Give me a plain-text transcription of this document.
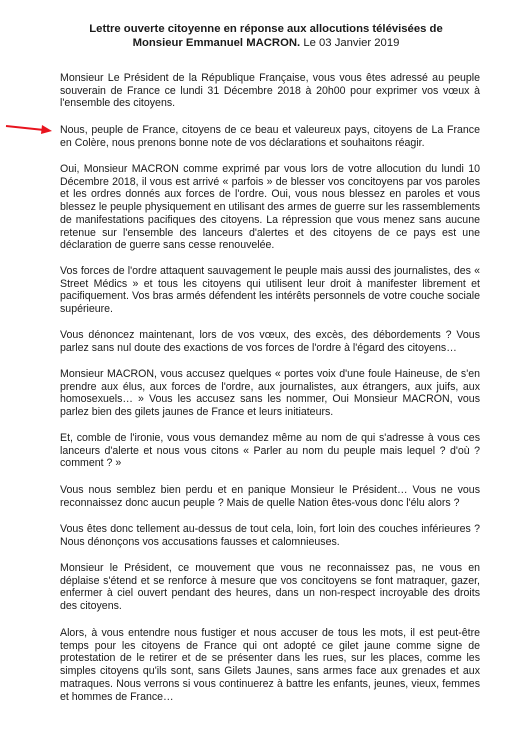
Lettre ouverte citoyenne en réponse aux allocutions télévisées de
Monsieur Emmanuel MACRON. Le 03 Janvier 2019

Monsieur Le Président de la République Française, vous vous êtes adressé au peuple souverain de France ce lundi 31 Décembre 2018 à 20h00 pour exprimer vos vœux à l'ensemble des citoyens.

Nous, peuple de France, citoyens de ce beau et valeureux pays, citoyens de La France en Colère, nous prenons bonne note de vos déclarations et souhaitons réagir.

Oui, Monsieur MACRON comme exprimé par vous lors de votre allocution du lundi 10 Décembre 2018, il vous est arrivé « parfois » de blesser vos concitoyens par vos paroles et les ordres donnés aux forces de l'ordre. Oui, vous nous blessez en paroles et vous blessez le peuple physiquement en utilisant des armes de guerre sur les rassemblements de manifestations pacifiques des citoyens. La répression que vous menez sans aucune retenue sur l'ensemble des lanceurs d'alertes et des citoyens de ce pays est une déclaration de guerre sans cesse renouvelée.

Vos forces de l'ordre attaquent sauvagement le peuple mais aussi des journalistes, des « Street Médics » et tous les citoyens qui utilisent leur droit à manifester librement et pacifiquement. Vos bras armés défendent les intérêts personnels de votre couche sociale supérieure.

Vous dénoncez maintenant, lors de vos vœux, des excès, des débordements ? Vous parlez sans nul doute des exactions de vos forces de l'ordre à l'égard des citoyens…

Monsieur MACRON, vous accusez quelques « portes voix d'une foule Haineuse, de s'en prendre aux élus, aux forces de l'ordre, aux journalistes, aux étrangers, aux juifs, aux homosexuels… » Vous les accusez sans les nommer, Oui Monsieur MACRON, vous parlez bien des gilets jaunes de France et leurs initiateurs.

Et, comble de l'ironie, vous vous demandez même au nom de qui s'adresse à vous ces lanceurs d'alerte et nous vous citons « Parler au nom du peuple mais lequel ? d'où ? comment ? »

Vous nous semblez bien perdu et en panique Monsieur le Président… Vous ne vous reconnaissez donc aucun peuple ? Mais de quelle Nation êtes-vous donc l'élu alors ?

Vous êtes donc tellement au-dessus de tout cela, loin, fort loin des couches inférieures ? Nous dénonçons vos accusations fausses et calomnieuses.

Monsieur le Président, ce mouvement que vous ne reconnaissez pas, ne vous en déplaise s'étend et se renforce à mesure que vos concitoyens se font matraquer, gazer, enfermer à ciel ouvert pendant des heures, dans un non-respect incroyable des droits des citoyens.

Alors, à vous entendre nous fustiger et nous accuser de tous les mots, il est peut-être temps pour les citoyens de France qui ont adopté ce gilet jaune comme signe de protestation de le retirer et de se présenter dans les rues, sur les places, comme les simples citoyens qu'ils sont, sans Gilets Jaunes, sans armes face aux grenades et aux matraques. Nous verrons si vous continuerez à battre les enfants, jeunes, vieux, femmes et hommes de France…
